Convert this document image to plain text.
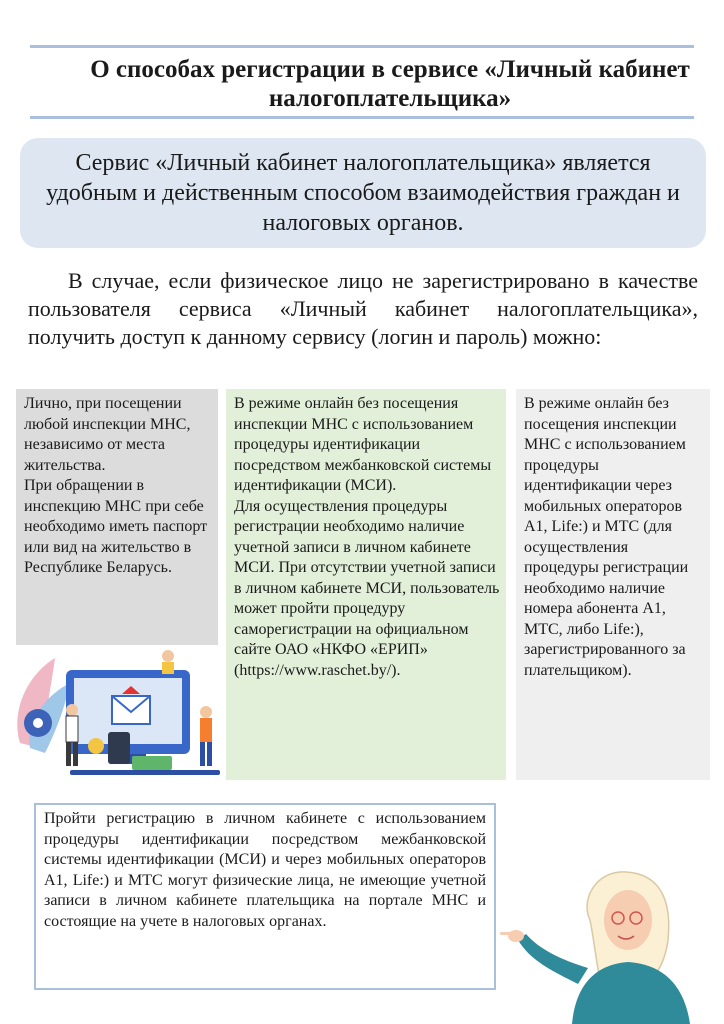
О способах регистрации в сервисе «Личный кабинет налогоплательщика»
Сервис «Личный кабинет налогоплательщика» является удобным и действенным способом взаимодействия граждан и налоговых органов.

В случае, если физическое лицо не зарегистрировано в качестве пользователя сервиса «Личный кабинет налогоплательщика», получить доступ к данному сервису (логин и пароль) можно:

Лично, при посещении любой инспекции МНС, независимо от места жительства.

При обращении в инспекцию МНС при себе необходимо иметь паспорт или вид на жительство в Республике Беларусь.

В режиме онлайн без посещения инспекции МНС с использованием процедуры идентификации посредством межбанковской системы идентификации (МСИ).

Для осуществления процедуры регистрации необходимо наличие учетной записи в личном кабинете МСИ. При отсутствии учетной записи в личном кабинете МСИ, пользователь может пройти процедуру саморегистрации на официальном сайте ОАО «НКФО «ЕРИП» (https://www.raschet.by/).

В режиме онлайн без посещения инспекции МНС с использованием процедуры идентификации через мобильных операторов А1, Life:) и МТС (для осуществления процедуры регистрации необходимо наличие номера абонента А1, МТС, либо Life:), зарегистрированного за плательщиком).

Пройти регистрацию в личном кабинете с использованием процедуры идентификации посредством межбанковской системы идентификации (МСИ) и через мобильных операторов А1, Life:) и МТС могут физические лица, не имеющие учетной записи в личном кабинете плательщика на портале МНС и состоящие на учете в налоговых органах.
